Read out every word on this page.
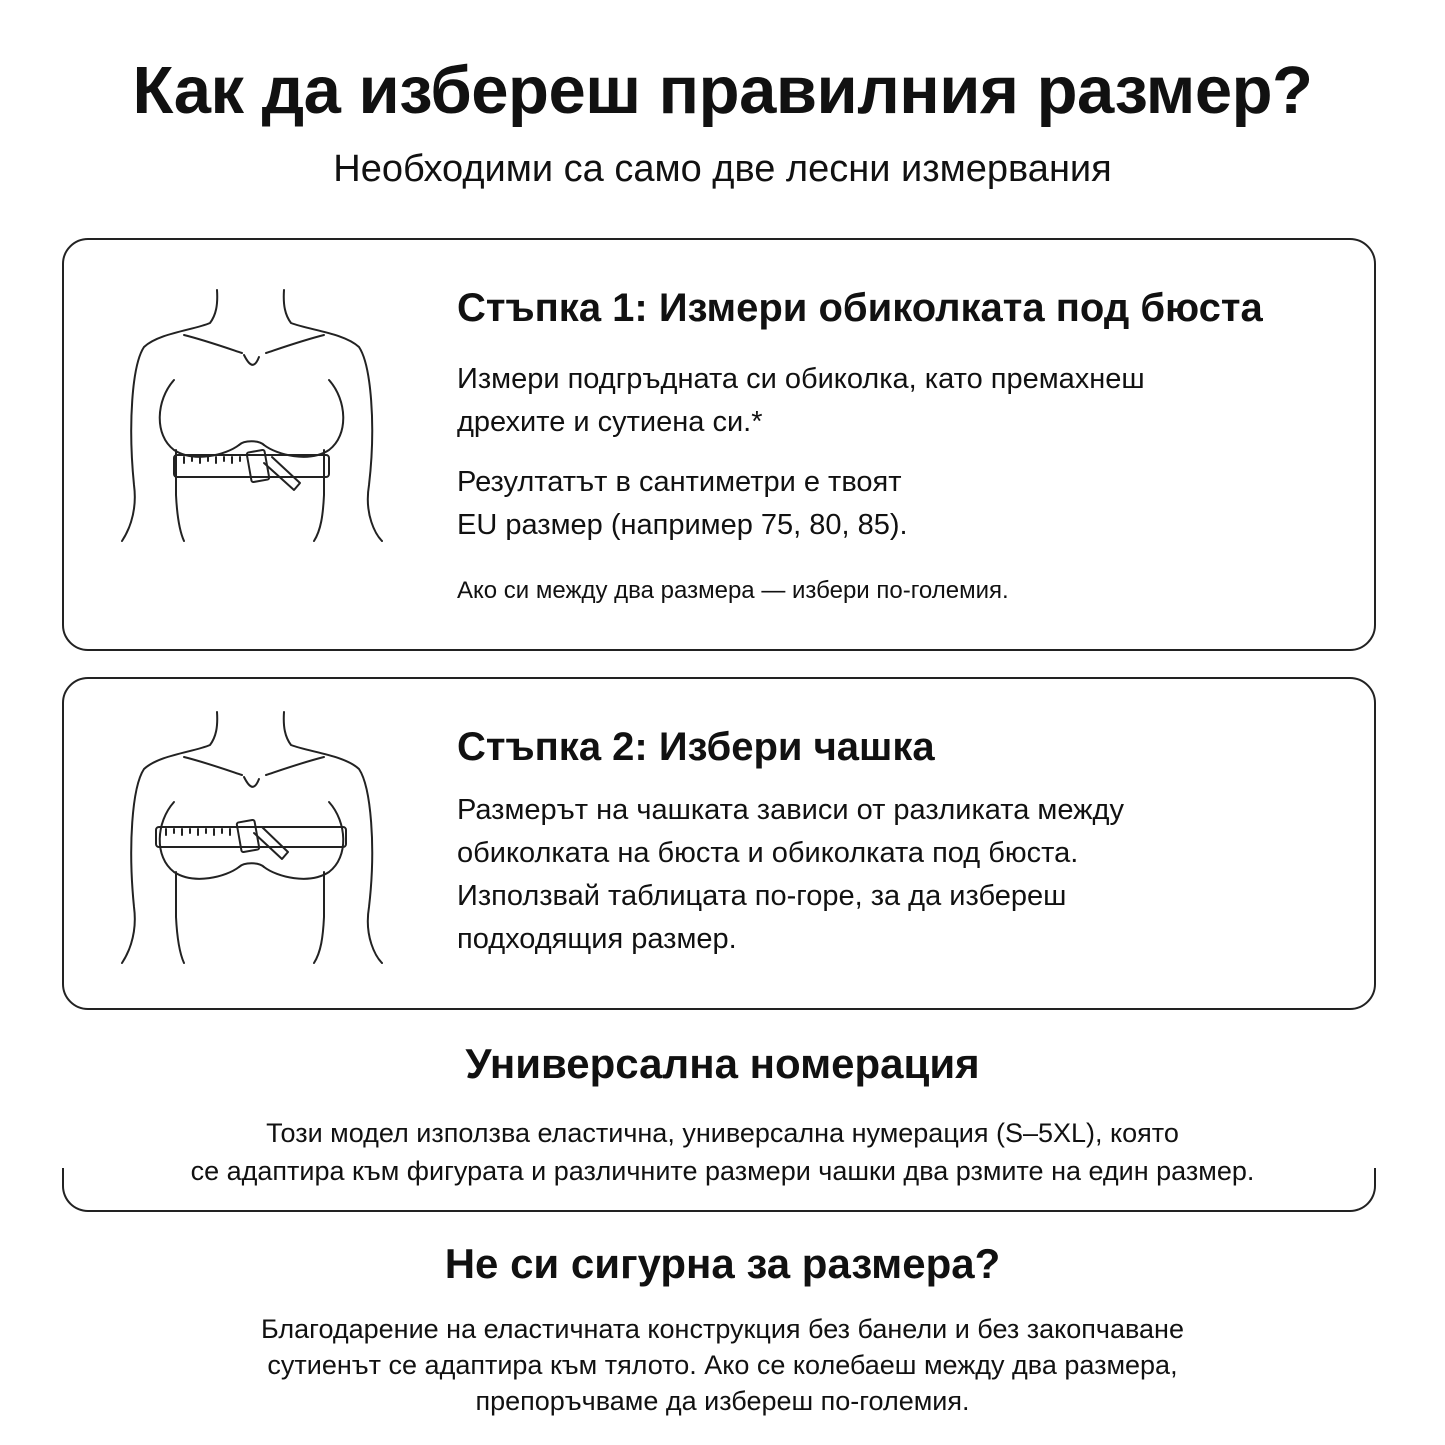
Как да избереш правилния размер?

Необходими са само две лесни измервания

Стъпка 1: Измери обиколката под бюста

Измери подгръдната си обиколка, като премахнеш
дрехите и сутиена си.*

Резултатът в сантиметри е твоят
EU размер (например 75, 80, 85).

Ако си между два размера — избери по-големия.

Стъпка 2: Избери чашка

Размерът на чашката зависи от разликата между
обиколката на бюста и обиколката под бюста.
Използвай таблицата по-горе, за да избереш
подходящия размер.

Универсална номерация

Този модел използва еластична, универсална нумерация (S–5XL), която
се адаптира към фигурата и различните размери чашки два рзмите на един размер.

Не си сигурна за размера?

Благодарение на еластичната конструкция без банели и без закопчаване
сутиенът се адаптира към тялото. Ако се колебаеш между два размера,
препоръчваме да избереш по-големия.
